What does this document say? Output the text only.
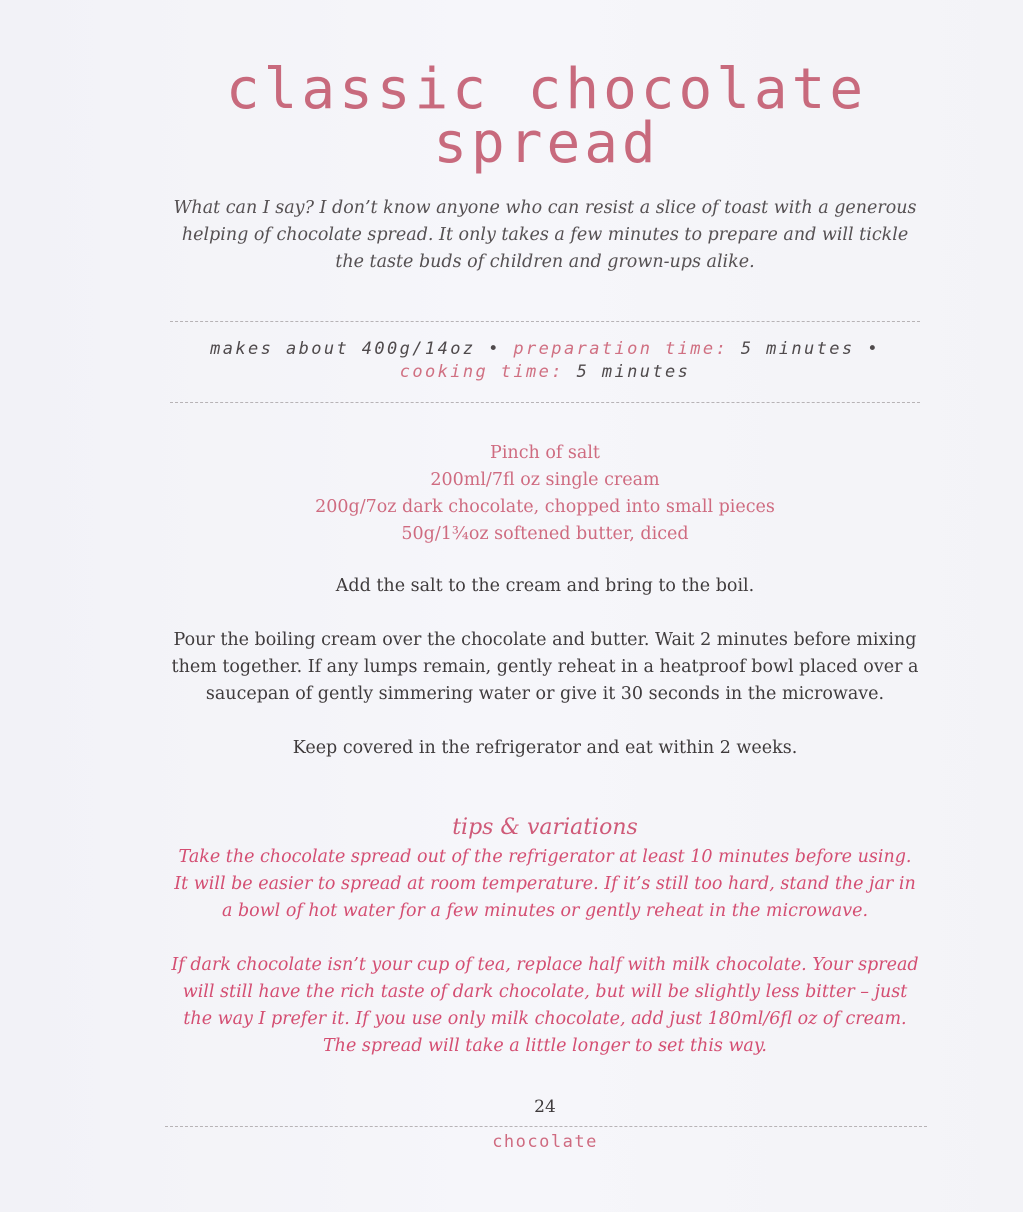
classic chocolate
spread

What can I say? I don’t know anyone who can resist a slice of toast with a generous helping of chocolate spread. It only takes a few minutes to prepare and will tickle the taste buds of children and grown-ups alike.

makes about 400g/14oz • preparation time: 5 minutes •
cooking time: 5 minutes
Pinch of salt
200ml/7fl oz single cream
200g/7oz dark chocolate, chopped into small pieces
50g/1¾oz softened butter, diced

Add the salt to the cream and bring to the boil.

Pour the boiling cream over the chocolate and butter. Wait 2 minutes before mixing them together. If any lumps remain, gently reheat in a heatproof bowl placed over a saucepan of gently simmering water or give it 30 seconds in the microwave.

Keep covered in the refrigerator and eat within 2 weeks.

tips & variations

Take the chocolate spread out of the refrigerator at least 10 minutes before using. It will be easier to spread at room temperature. If it’s still too hard, stand the jar in a bowl of hot water for a few minutes or gently reheat in the microwave.

If dark chocolate isn’t your cup of tea, replace half with milk chocolate. Your spread will still have the rich taste of dark chocolate, but will be slightly less bitter – just the way I prefer it. If you use only milk chocolate, add just 180ml/6fl oz of cream. The spread will take a little longer to set this way.

24
chocolate
